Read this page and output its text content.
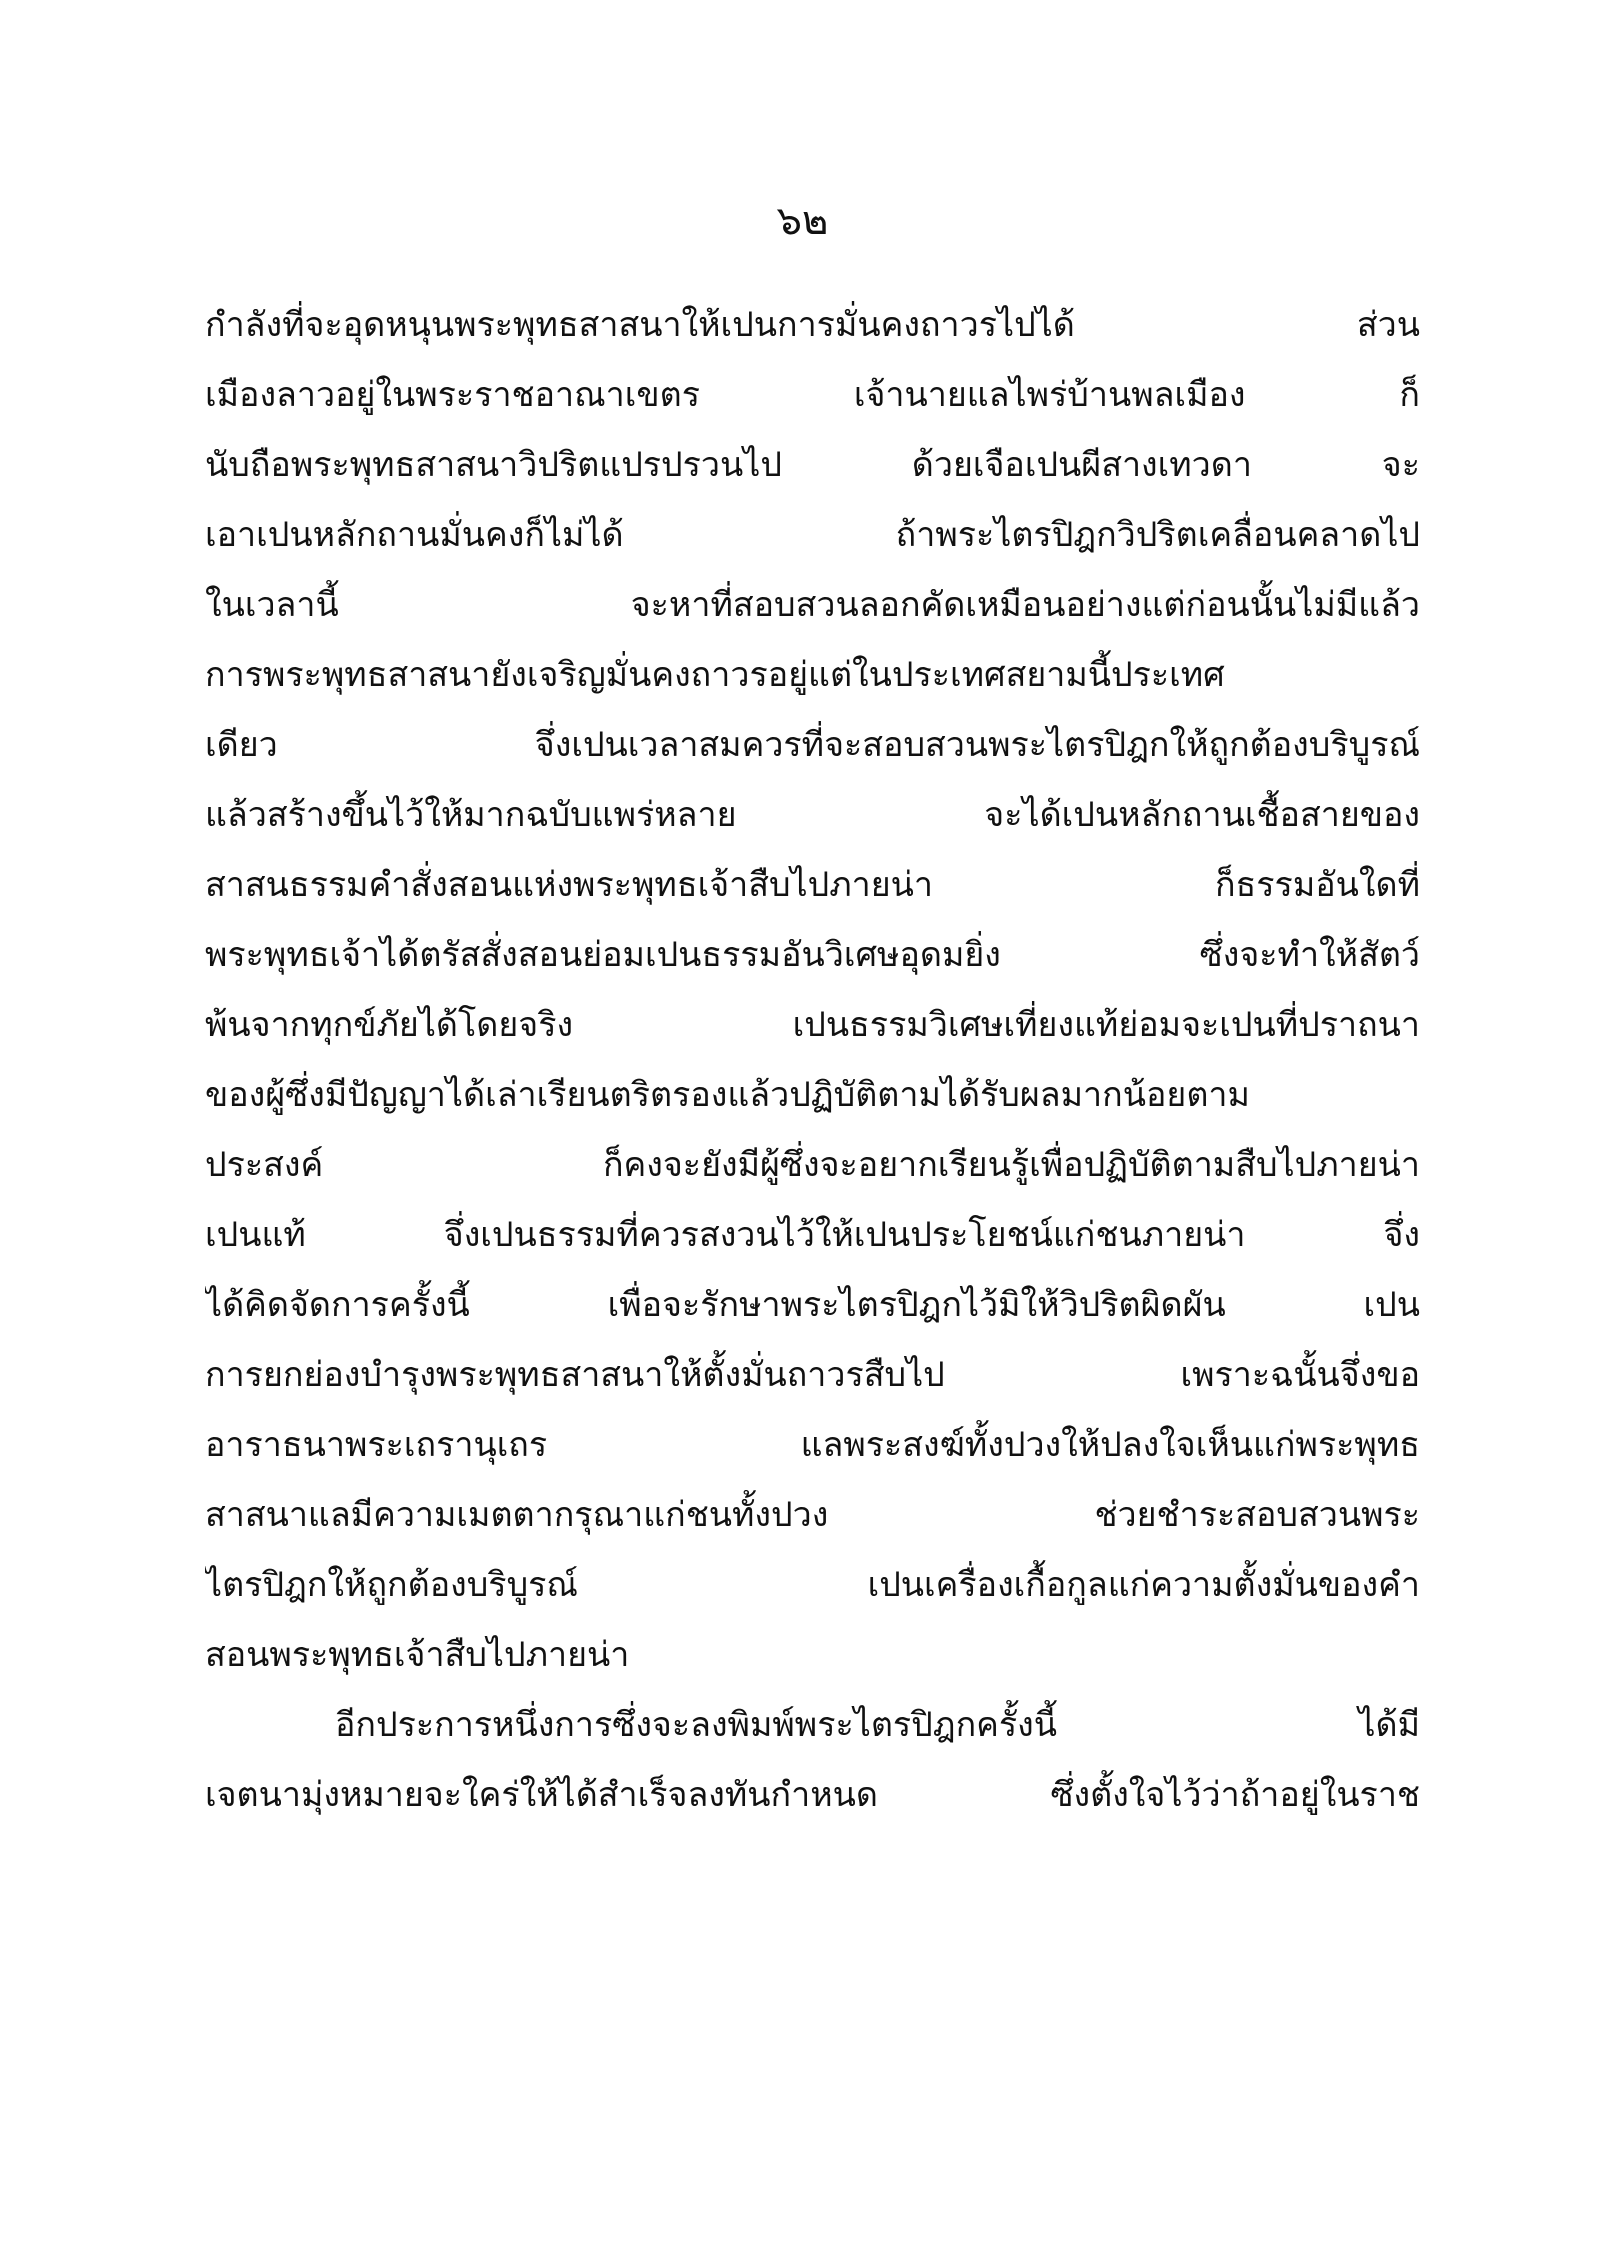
๖๒
กำลังที่จะอุดหนุนพระพุทธสาสนาให้เปนการมั่นคงถาวรไปได้ ส่วน
เมืองลาวอยู่ในพระราชอาณาเขตร เจ้านายแลไพร่บ้านพลเมือง ก็
นับถือพระพุทธสาสนาวิปริตแปรปรวนไป ด้วยเจือเปนผีสางเทวดา จะ
เอาเปนหลักถานมั่นคงก็ไม่ได้ ถ้าพระไตรปิฎกวิปริตเคลื่อนคลาดไป
ในเวลานี้ จะหาที่สอบสวนลอกคัดเหมือนอย่างแต่ก่อนนั้นไม่มีแล้ว
การพระพุทธสาสนายังเจริญมั่นคงถาวรอยู่แต่ในประเทศสยามนี้ประเทศ
เดียว จึ่งเปนเวลาสมควรที่จะสอบสวนพระไตรปิฎกให้ถูกต้องบริบูรณ์
แล้วสร้างขึ้นไว้ให้มากฉบับแพร่หลาย จะได้เปนหลักถานเชื้อสายของ
สาสนธรรมคำสั่งสอนแห่งพระพุทธเจ้าสืบไปภายน่า ก็ธรรมอันใดที่
พระพุทธเจ้าได้ตรัสสั่งสอนย่อมเปนธรรมอันวิเศษอุดมยิ่ง ซึ่งจะทำให้สัตว์
พ้นจากทุกข์ภัยได้โดยจริง เปนธรรมวิเศษเที่ยงแท้ย่อมจะเปนที่ปราถนา
ของผู้ซึ่งมีปัญญาได้เล่าเรียนตริตรองแล้วปฏิบัติตามได้รับผลมากน้อยตาม
ประสงค์ ก็คงจะยังมีผู้ซึ่งจะอยากเรียนรู้เพื่อปฏิบัติตามสืบไปภายน่า
เปนแท้ จึ่งเปนธรรมที่ควรสงวนไว้ให้เปนประโยชน์แก่ชนภายน่า จึ่ง
ได้คิดจัดการครั้งนี้ เพื่อจะรักษาพระไตรปิฎกไว้มิให้วิปริตผิดผัน เปน
การยกย่องบำรุงพระพุทธสาสนาให้ตั้งมั่นถาวรสืบไป เพราะฉนั้นจึ่งขอ
อาราธนาพระเถรานุเถร แลพระสงฆ์ทั้งปวงให้ปลงใจเห็นแก่พระพุทธ
สาสนาแลมีความเมตตากรุณาแก่ชนทั้งปวง ช่วยชำระสอบสวนพระ
ไตรปิฎกให้ถูกต้องบริบูรณ์ เปนเครื่องเกื้อกูลแก่ความตั้งมั่นของคำ
สอนพระพุทธเจ้าสืบไปภายน่า
อีกประการหนึ่งการซึ่งจะลงพิมพ์พระไตรปิฎกครั้งนี้ ได้มี
เจตนามุ่งหมายจะใคร่ให้ได้สำเร็จลงทันกำหนด ซึ่งตั้งใจไว้ว่าถ้าอยู่ในราช
